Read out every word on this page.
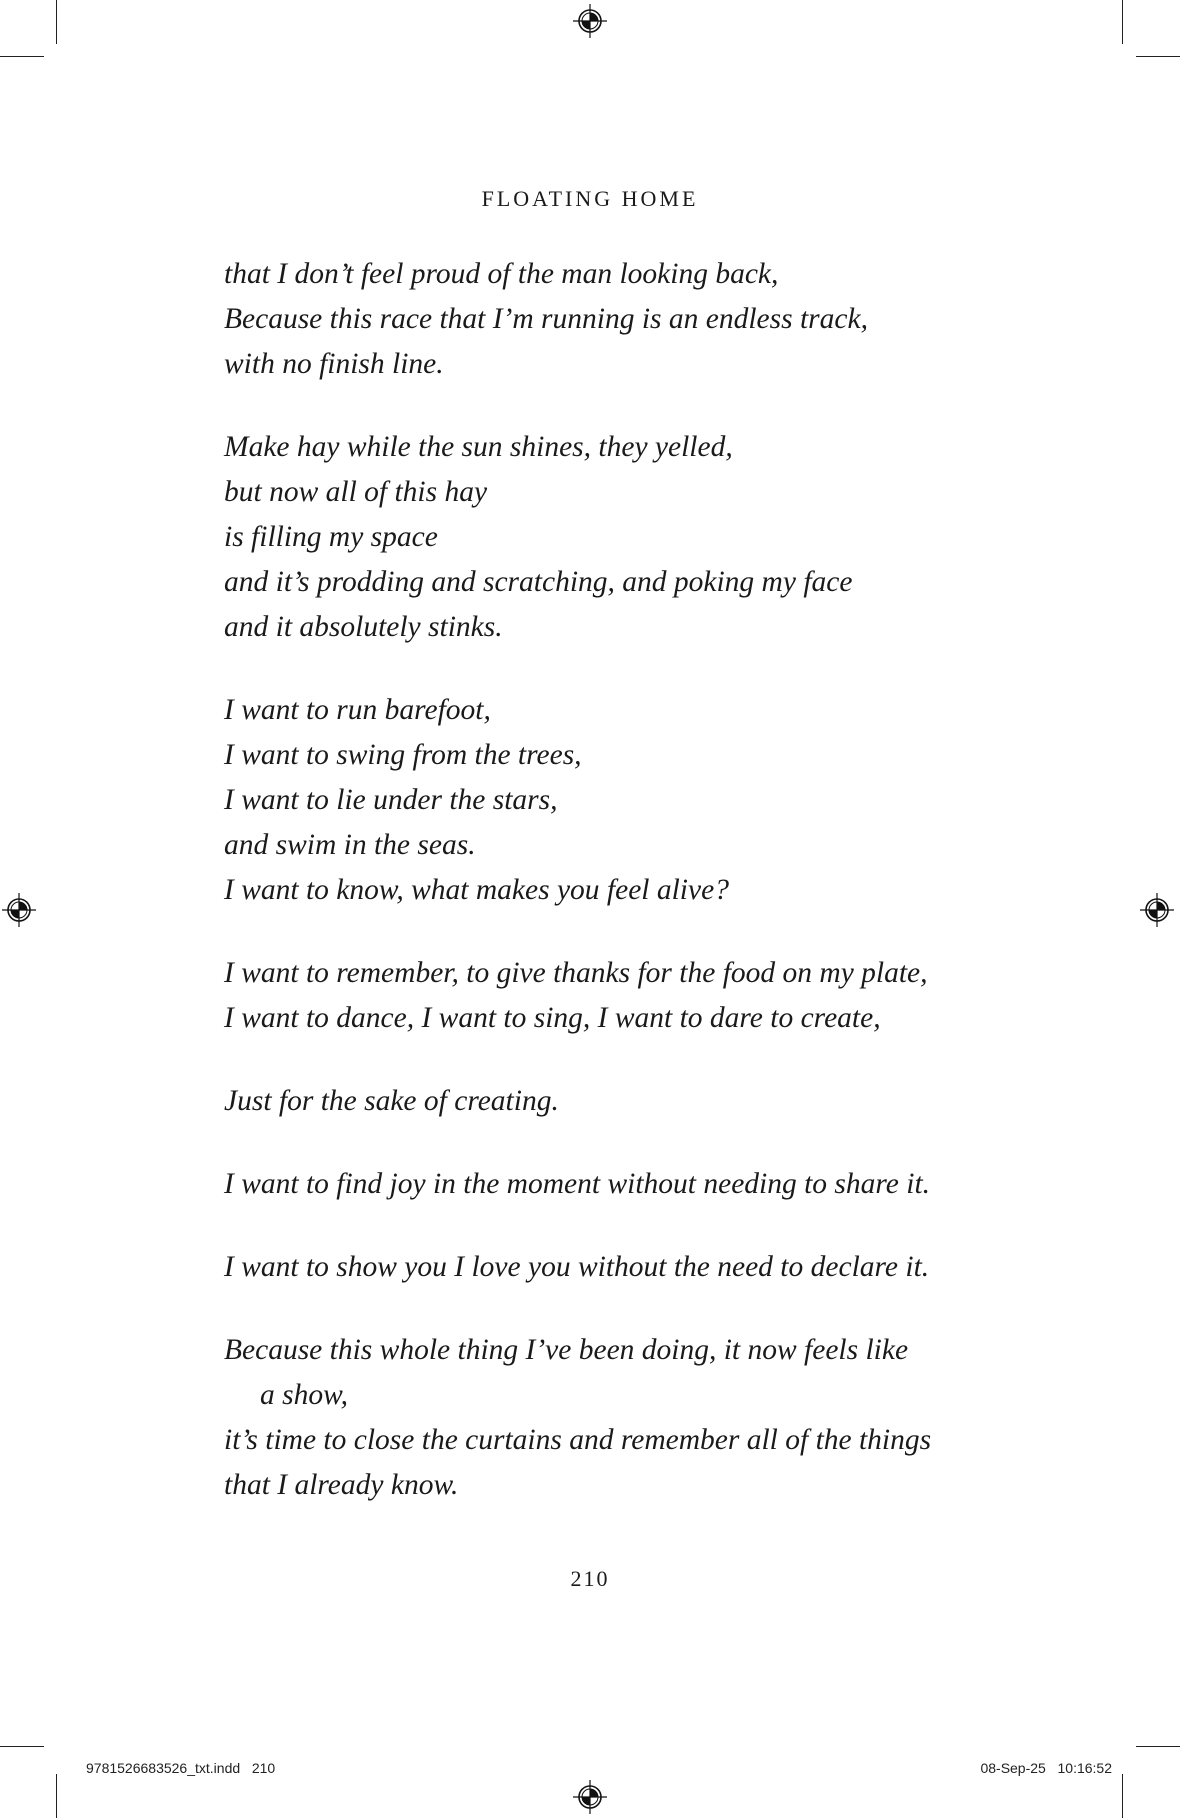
FLOATING HOME
that I don’t feel proud of the man looking back,
Because this race that I’m running is an endless track,
with no finish line.
Make hay while the sun shines, they yelled,
but now all of this hay
is filling my space
and it’s prodding and scratching, and poking my face
and it absolutely stinks.
I want to run barefoot,
I want to swing from the trees,
I want to lie under the stars,
and swim in the seas.
I want to know, what makes you feel alive?
I want to remember, to give thanks for the food on my plate,
I want to dance, I want to sing, I want to dare to create,
Just for the sake of creating.
I want to find joy in the moment without needing to share it.
I want to show you I love you without the need to declare it.
Because this whole thing I’ve been doing, it now feels like
a show,
it’s time to close the curtains and remember all of the things
that I already know.
210
9781526683526_txt.indd   210	08-Sep-25   10:16:52
